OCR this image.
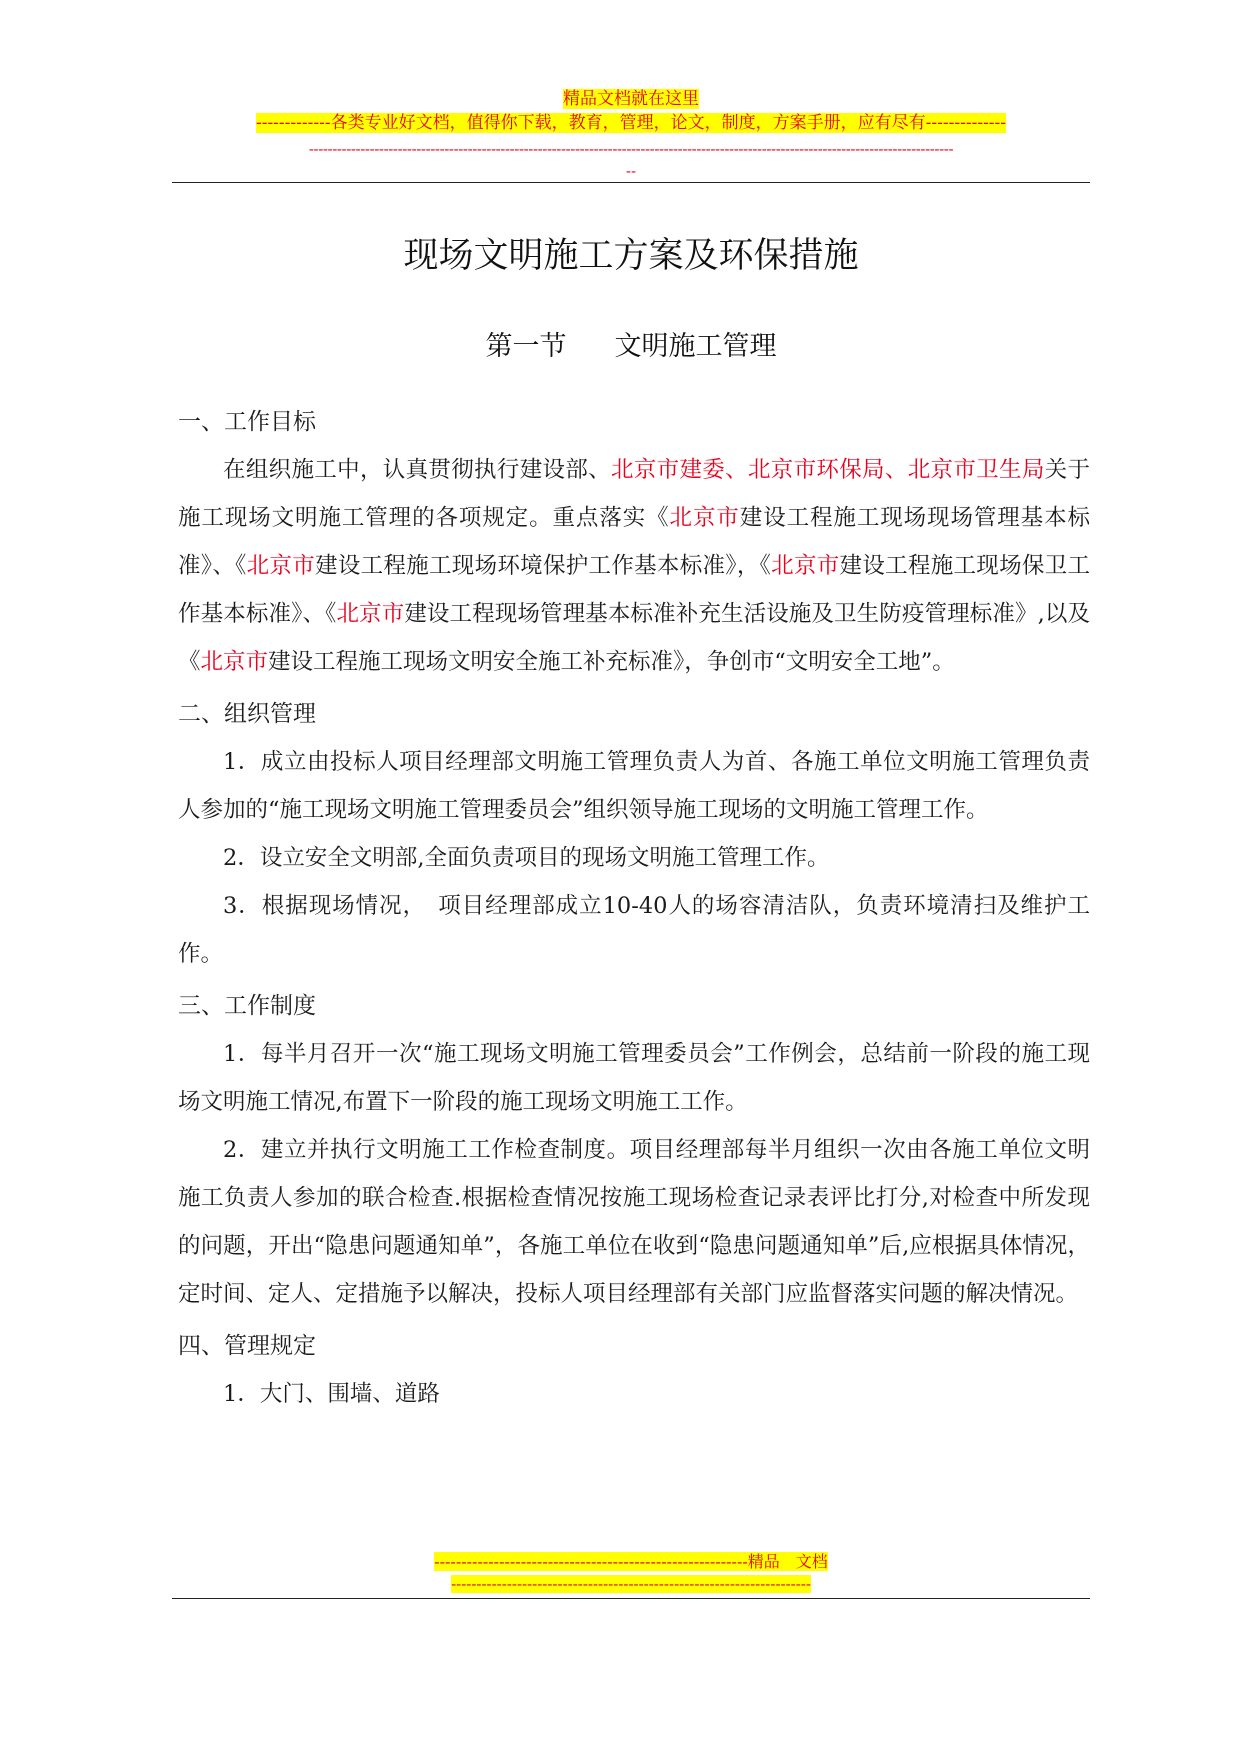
精品文档就在这里
-------------各类专业好文档，值得你下载，教育，管理，论文，制度，方案手册，应有尽有--------------
------------------------------------------------------------------------------------------------------------------------------------------
--
现场文明施工方案及环保措施
第一节 文明施工管理

一、工作目标

在组织施工中，认真贯彻执行建设部、北京市建委、北京市环保局、北京市卫生局关于施工现场文明施工管理的各项规定。重点落实《北京市建设工程施工现场现场管理基本标准》、《北京市建设工程施工现场环境保护工作基本标准》，《北京市建设工程施工现场保卫工作基本标准》、《北京市建设工程现场管理基本标准补充生活设施及卫生防疫管理标准》,以及《北京市建设工程施工现场文明安全施工补充标准》，争创市“文明安全工地”。

二、组织管理

1．成立由投标人项目经理部文明施工管理负责人为首、各施工单位文明施工管理负责人参加的“施工现场文明施工管理委员会”组织领导施工现场的文明施工管理工作。

2．设立安全文明部,全面负责项目的现场文明施工管理工作。

3．根据现场情况，　项目经理部成立10-40人的场容清洁队，负责环境清扫及维护工作。

三、工作制度

1．每半月召开一次“施工现场文明施工管理委员会”工作例会，总结前一阶段的施工现场文明施工情况,布置下一阶段的施工现场文明施工工作。

2．建立并执行文明施工工作检查制度。项目经理部每半月组织一次由各施工单位文明施工负责人参加的联合检查.根据检查情况按施工现场检查记录表评比打分,对检查中所发现的问题，开出“隐患问题通知单”，各施工单位在收到“隐患问题通知单”后,应根据具体情况，定时间、定人、定措施予以解决，投标人项目经理部有关部门应监督落实问题的解决情况。

四、管理规定

1．大门、围墙、道路

----------------------------------------------------------精品　文档
-----------------------------------------------------------------------
